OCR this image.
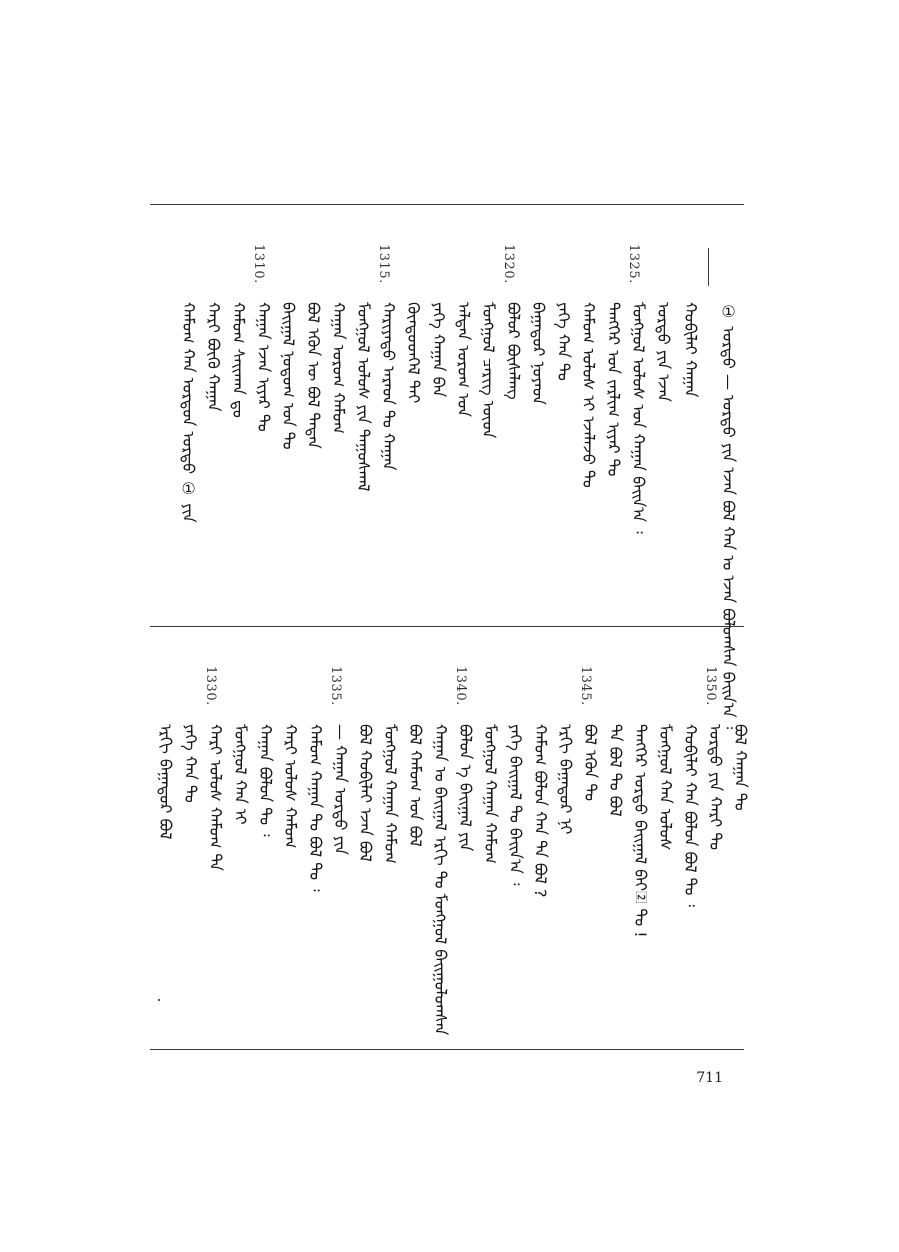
① ᠣᠷᠳᠤ — ᠣᠷᠳᠤ ᠶᠢᠨ ᠡᠵᠡᠨ ᠪᠣᠯ ᠬᠠᠨ ᠤ ᠡᠵᠡᠨ ᠪᠣᠯᠤᠭᠰᠠᠨ ᠪᠠᠢᠨ᠎ᠠ ᠄
ᠬᠤᠪᠢᠯᠠᠢ ᠬᠠᠭᠠᠨ
ᠣᠷᠳᠤ ᠶᠢᠨ ᠡᠵᠡᠨ
ᠮᠣᠩᠭᠣᠯ ᠤᠯᠤᠰ ᠤᠨ ᠬᠠᠭᠠᠨ ᠪᠠᠢᠨ᠎ᠠ ᠄
ᠲᠡᠩᠭᠡᠷ ᠤᠨ ᠵᠠᠷᠯᠢᠭ ᠢᠶᠠᠷ ᠲᠤ
ᠬᠠᠮᠤᠭ ᠤᠯᠤᠰ ᠢ ᠡᠵᠡᠯᠡᠵᠦ ᠲᠤ
ᠶᠡᠬᠡ ᠬᠠᠨ ᠲᠤ
ᠪᠠᠭᠠᠲᠤᠷ ᠨᠣᠶᠠᠳ
ᠪᠣᠯᠤᠷ ᠪᠦᠰᠡᠯᠡᠩ
ᠮᠣᠩᠭᠣᠯ ᠴᠡᠷᠢᠭ ᠦᠳ
ᠠᠯᠲᠠᠨ ᠤᠷᠤᠭ ᠤᠨ
ᠶᠡᠬᠡ ᠬᠠᠭᠠᠨ ᠪᠠᠨ
ᠬᠦᠨᠳᠦᠳᠬᠡᠯ ᠲᠡᠢ
ᠬᠠᠷᠢᠶᠠᠲᠤ ᠠᠷᠠᠳ ᠲᠤ ᠬᠠᠭᠠᠨ
ᠮᠣᠩᠭᠣᠯ ᠤᠯᠤᠰ ᠶᠢᠨ ᠳᠠᠭᠤᠰᠬᠠᠯ
ᠬᠠᠭᠠᠨ ᠤᠷᠤᠭ ᠬᠠᠮᠤᠭ
ᠪᠣᠯ ᠡᠭᠦᠨ ᠦ ᠪᠣᠯ ᠲᠡᠳᠡᠨ
ᠪᠠᠢᠭᠠᠯ ᠨᠣᠲᠤᠭ ᠤᠨ ᠲᠤ
ᠬᠠᠭᠠᠨ ᠡᠵᠡᠨ ᠢᠶᠠᠷ ᠲᠤ
ᠬᠠᠮᠤᠭ ᠰᠠᠢᠬᠠᠨ ᠳᠤ
ᠬᠠᠷᠢ ᠪᠦᠬᠦ ᠬᠠᠭᠠᠨ
ᠬᠠᠮᠤᠭ ᠬᠠᠨ ᠣᠷᠳᠤᠨ ᠣᠷᠳᠤ ① ᠶᠢᠨ
1325.
1320.
1315.
1310.
ᠪᠣᠯ ᠬᠠᠭᠠᠨ ᠲᠤ
ᠣᠷᠳᠤ ᠶᠢᠨ ᠬᠠᠷᠢ ᠲᠤ
ᠬᠤᠪᠢᠯᠠᠢ ᠬᠠᠨ ᠪᠣᠯᠤᠨ ᠪᠣᠯ ᠲᠤ ᠄
ᠮᠣᠩᠭᠣᠯ ᠬᠠᠨ ᠤᠯᠤᠰ
ᠲᠡᠩᠭᠡᠷ ᠣᠷᠳᠤ ᠪᠠᠢᠭᠠᠯ ᠪᠠᠢ᠌ ᠲᠤ !
ᠲᠡ ᠪᠣᠯ ᠲᠤ ᠪᠣᠯ
ᠪᠣᠯ ᠡᠭᠦᠨ ᠲᠤ
ᠡᠷᠬᠢ ᠪᠠᠭᠠᠲᠤᠷ ᠨᠢ
ᠬᠠᠮᠤᠭ ᠪᠣᠯᠤᠨ ᠬᠠᠨ ᠲᠡ ᠪᠣᠯ ?
ᠶᠡᠬᠡ ᠪᠠᠢᠭᠠᠯ ᠲᠤ ᠪᠠᠢᠨ᠎ᠠ ᠄
ᠮᠣᠩᠭᠣᠯ ᠬᠠᠭᠠᠨ ᠬᠠᠮᠤᠭ
ᠪᠣᠯᠤᠨ ᠡ ᠪᠠᠢᠭᠠᠯ ᠶᠢᠨ
ᠬᠠᠭᠠᠨ ᠤ ᠪᠠᠢᠭᠠᠯ ᠡᠷᠬᠢ ᠲᠤ ᠮᠣᠩᠭᠣᠯ ᠪᠠᠢᠭᠤᠯᠤᠭᠰᠠᠨ
ᠪᠣᠯ ᠬᠠᠮᠤᠭ ᠤᠨ ᠪᠣᠯ
ᠮᠣᠩᠭᠣᠯ ᠬᠠᠭᠠᠨ ᠬᠠᠮᠤᠭ
ᠪᠣᠯ ᠬᠤᠪᠢᠯᠠᠢ ᠡᠵᠡᠨ ᠪᠣᠯ
— ᠬᠠᠭᠠᠨ ᠣᠷᠳᠤ ᠶᠢᠨ
ᠬᠠᠮᠤᠭ ᠬᠠᠭᠠᠨ ᠲᠤ ᠪᠣᠯ ᠲᠤ ᠄
ᠬᠠᠷᠢ ᠤᠯᠤᠰ ᠬᠠᠮᠤᠭ
ᠬᠠᠭᠠᠨ ᠪᠣᠯᠤᠨ ᠲᠤ ᠄
ᠮᠣᠩᠭᠣᠯ ᠬᠠᠨ ᠢ
ᠬᠠᠷᠢ ᠤᠯᠤᠰ ᠬᠠᠮᠤᠭ ᠲᠡ
ᠶᠡᠬᠡ ᠬᠠᠨ ᠲᠤ
ᠡᠷᠬᠢ ᠪᠠᠭᠠᠲᠤᠷ ᠪᠣᠯ
1350.
1345.
1340.
1335.
1330.
711
